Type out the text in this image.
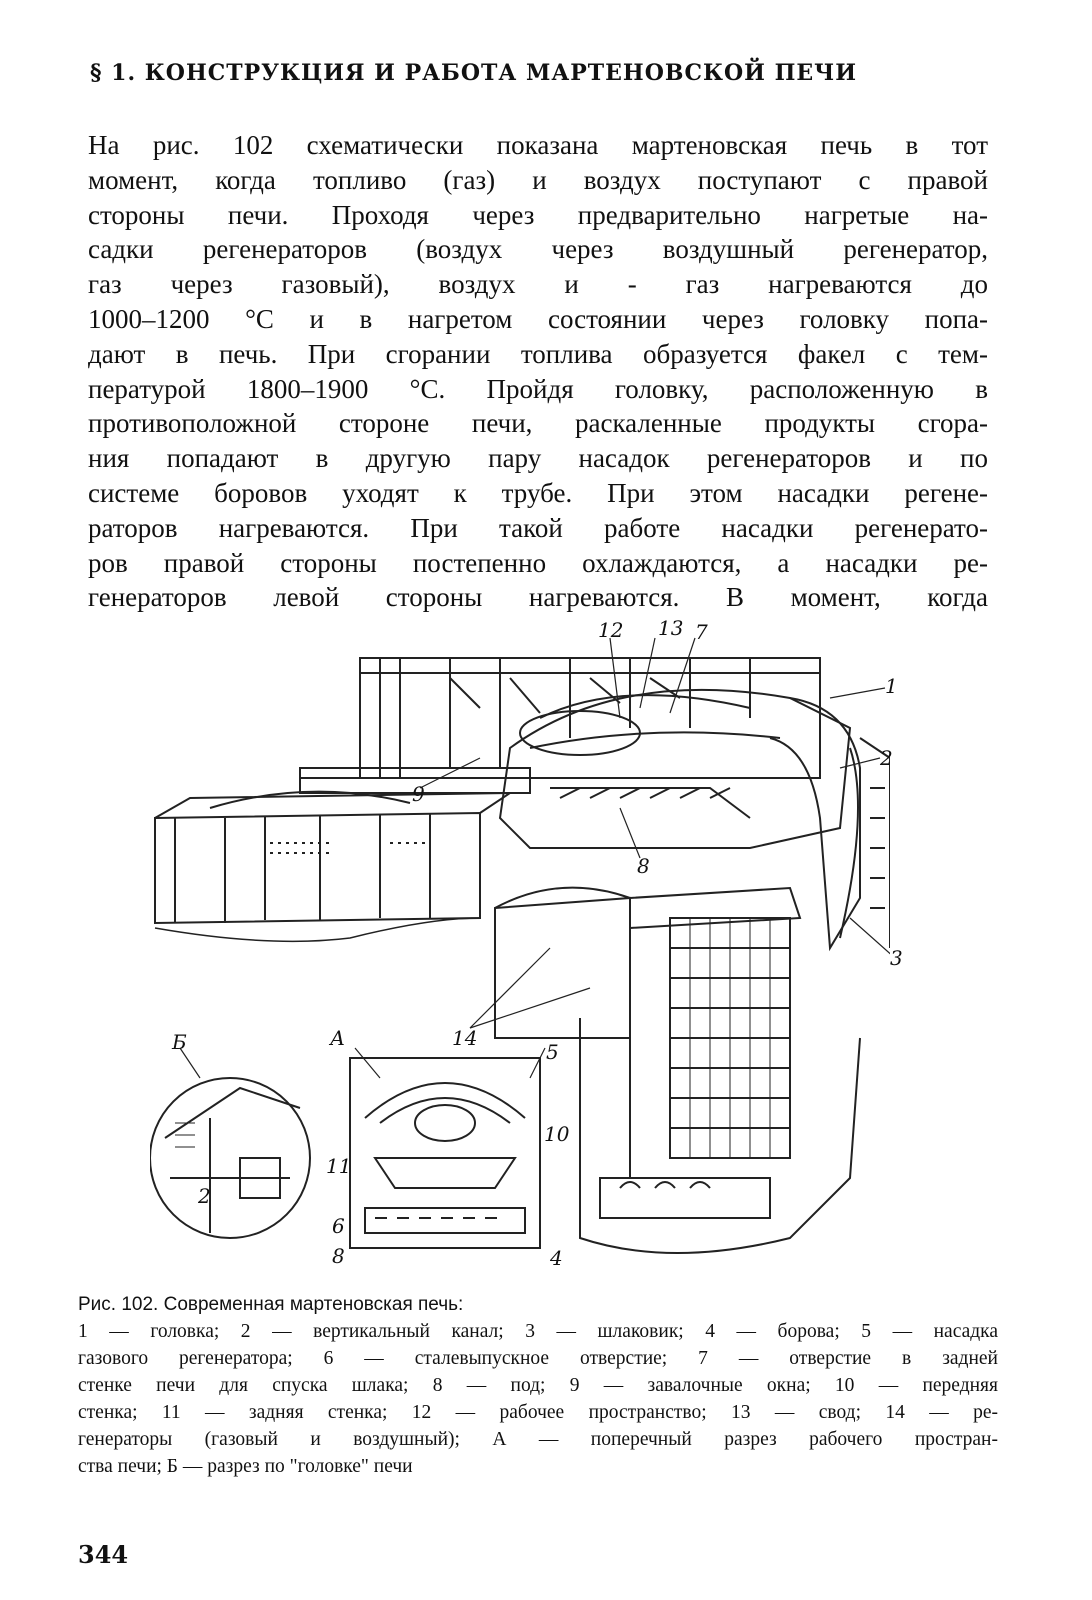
§ 1. КОНСТРУКЦИЯ И РАБОТА МАРТЕНОВСКОЙ ПЕЧИ
На рис. 102 схематически показана мартеновская печь в тот
момент, когда топливо (газ) и воздух поступают с правой
стороны печи. Проходя через предварительно нагретые на-
садки регенераторов (воздух через воздушный регенератор,
газ через газовый), воздух и - газ нагреваются до
1000–1200 °С и в нагретом состоянии через головку попа-
дают в печь. При сгорании топлива образуется факел с тем-
пературой 1800–1900 °С. Пройдя головку, расположенную в
противоположной стороне печи, раскаленные продукты сгора-
ния попадают в другую пару насадок регенераторов и по
системе боровов уходят к трубе. При этом насадки регене-
раторов нагреваются. При такой работе насадки регенерато-
ров правой стороны постепенно охлаждаются, а насадки ре-
генераторов левой стороны нагреваются. В момент, когда
12 13 7
1
2
9
8
3
14
Б	А
5
10
11
2
6
8	4
Рис. 102. Современная мартеновская печь:
1 — головка; 2 — вертикальный канал; 3 — шлаковик; 4 — борова; 5 — насадка
газового регенератора; 6 — сталевыпускное отверстие; 7 — отверстие в задней
стенке печи для спуска шлака; 8 — под; 9 — завалочные окна; 10 — передняя
стенка; 11 — задняя стенка; 12 — рабочее пространство; 13 — свод; 14 — ре-
генераторы (газовый и воздушный); А — поперечный разрез рабочего простран-
ства печи; Б — разрез по "головке" печи
344
